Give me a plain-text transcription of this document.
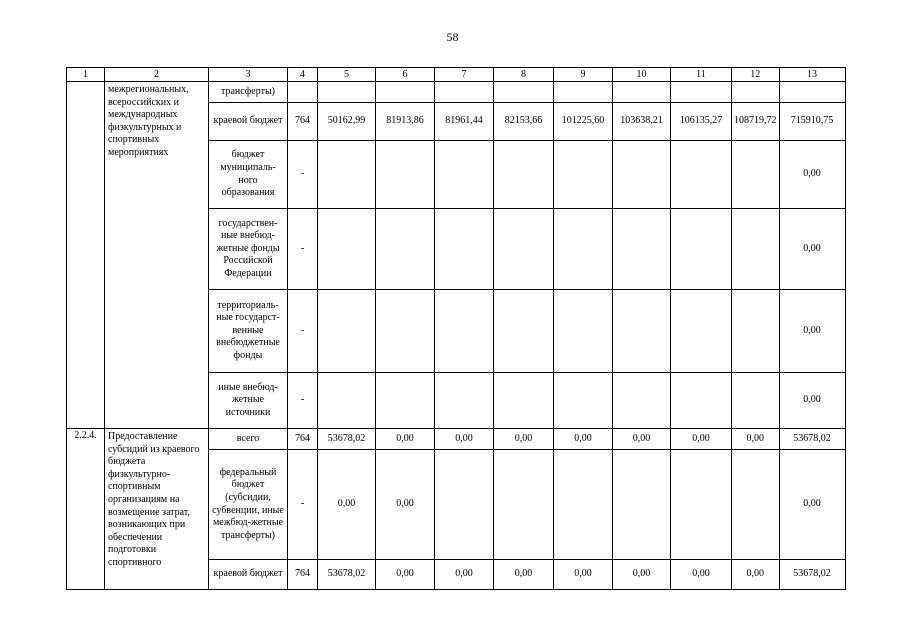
58
1	2	3	4	5	6	7	8	9	10	11	12	13
	межрегиональных, всероссийских и международных физкультурных и спортивных мероприятиях	трансферты)										
		краевой бюджет	764	50162,99	81913,86	81961,44	82153,66	101225,60	103638,21	106135,27	108719,72	715910,75
		бюджет муниципаль-ного образования	-									0,00
		государствен-ные внебюд-жетные фонды Российской Федерации	-									0,00
		территориаль-ные государст-венные внебюджетные фонды	-									0,00
		иные внебюд-жетные источники	-									0,00
2.2.4.	Предоставление субсидий из краевого бюджета физкультурно-спортивным организациям на возмещение затрат, возникающих при обеспечении подготовки спортивного	всего	764	53678,02	0,00	0,00	0,00	0,00	0,00	0,00	0,00	53678,02
		федеральный бюджет (субсидии, субвенции, иные межбюд-жетные трансферты)	-	0,00	0,00							0,00
		краевой бюджет	764	53678,02	0,00	0,00	0,00	0,00	0,00	0,00	0,00	53678,02
